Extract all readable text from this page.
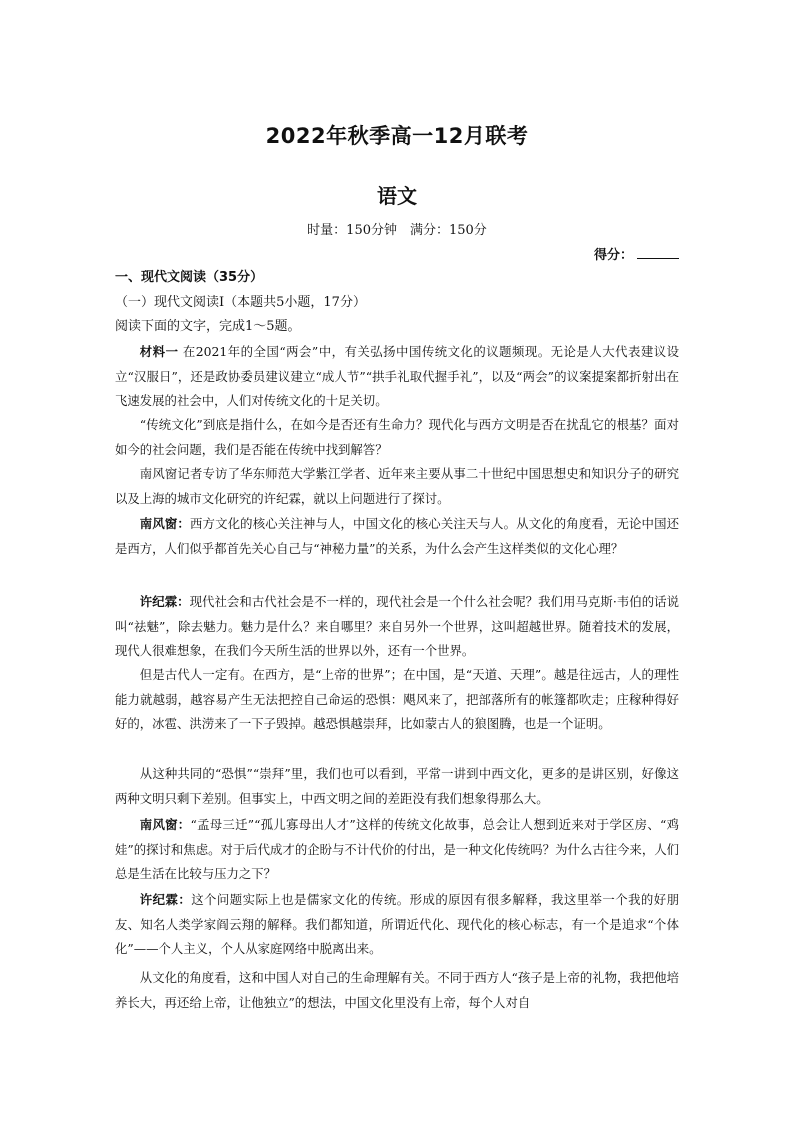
2022年秋季高一12月联考
语文
时量：150分钟　满分：150分
得分：
一、现代文阅读（35分）
（一）现代文阅读Ⅰ（本题共5小题，17分）
阅读下面的文字，完成1～5题。

材料一 在2021年的全国“两会”中，有关弘扬中国传统文化的议题频现。无论是人大代表建议设立“汉服日”，还是政协委员建议建立“成人节”“拱手礼取代握手礼”，以及“两会”的议案提案都折射出在飞速发展的社会中，人们对传统文化的十足关切。

“传统文化”到底是指什么，在如今是否还有生命力？现代化与西方文明是否在扰乱它的根基？面对如今的社会问题，我们是否能在传统中找到解答？

南风窗记者专访了华东师范大学紫江学者、近年来主要从事二十世纪中国思想史和知识分子的研究以及上海的城市文化研究的许纪霖，就以上问题进行了探讨。

南风窗：西方文化的核心关注神与人，中国文化的核心关注天与人。从文化的角度看，无论中国还是西方，人们似乎都首先关心自己与“神秘力量”的关系，为什么会产生这样类似的文化心理？

许纪霖：现代社会和古代社会是不一样的，现代社会是一个什么社会呢？我们用马克斯·韦伯的话说叫“祛魅”，除去魅力。魅力是什么？来自哪里？来自另外一个世界，这叫超越世界。随着技术的发展，现代人很难想象，在我们今天所生活的世界以外，还有一个世界。

但是古代人一定有。在西方，是“上帝的世界”；在中国，是“天道、天理”。越是往远古，人的理性能力就越弱，越容易产生无法把控自己命运的恐惧：飓风来了，把部落所有的帐篷都吹走；庄稼种得好好的，冰雹、洪涝来了一下子毁掉。越恐惧越崇拜，比如蒙古人的狼图腾，也是一个证明。

从这种共同的“恐惧”“崇拜”里，我们也可以看到，平常一讲到中西文化，更多的是讲区别，好像这两种文明只剩下差别。但事实上，中西文明之间的差距没有我们想象得那么大。

南风窗：“孟母三迁”“孤儿寡母出人才”这样的传统文化故事，总会让人想到近来对于学区房、“鸡娃”的探讨和焦虑。对于后代成才的企盼与不计代价的付出，是一种文化传统吗？为什么古往今来，人们总是生活在比较与压力之下？

许纪霖：这个问题实际上也是儒家文化的传统。形成的原因有很多解释，我这里举一个我的好朋友、知名人类学家阎云翔的解释。我们都知道，所谓近代化、现代化的核心标志，有一个是追求“个体化”——个人主义，个人从家庭网络中脱离出来。

从文化的角度看，这和中国人对自己的生命理解有关。不同于西方人“孩子是上帝的礼物，我把他培养长大，再还给上帝，让他独立”的想法，中国文化里没有上帝，每个人对自
